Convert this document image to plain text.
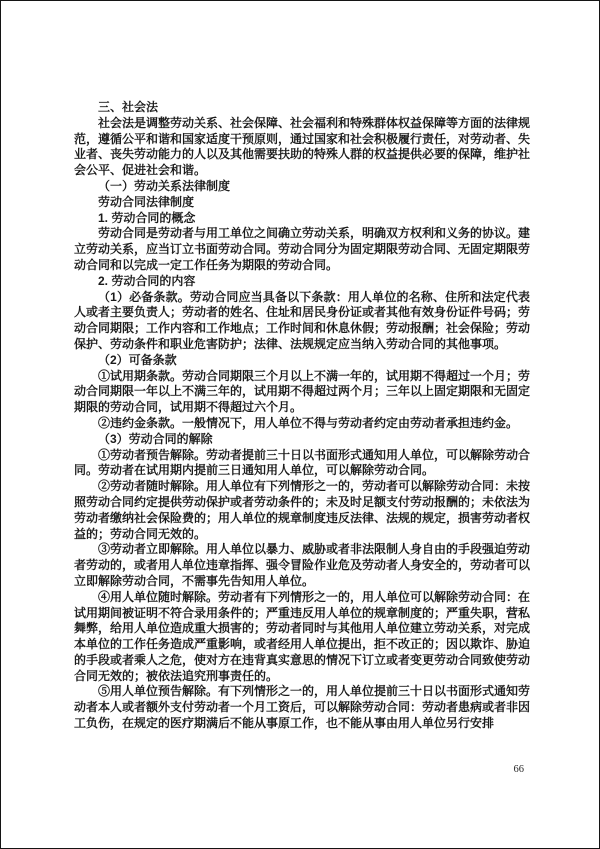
三、社会法

社会法是调整劳动关系、社会保障、社会福利和特殊群体权益保障等方面的法律规范，遵循公平和谐和国家适度干预原则，通过国家和社会积极履行责任，对劳动者、失业者、丧失劳动能力的人以及其他需要扶助的特殊人群的权益提供必要的保障，维护社会公平、促进社会和谐。

（一）劳动关系法律制度

劳动合同法律制度

1. 劳动合同的概念

劳动合同是劳动者与用工单位之间确立劳动关系，明确双方权利和义务的协议。建立劳动关系，应当订立书面劳动合同。劳动合同分为固定期限劳动合同、无固定期限劳动合同和以完成一定工作任务为期限的劳动合同。

2. 劳动合同的内容

（1）必备条款。劳动合同应当具备以下条款：用人单位的名称、住所和法定代表人或者主要负责人；劳动者的姓名、住址和居民身份证或者其他有效身份证件号码；劳动合同期限；工作内容和工作地点；工作时间和休息休假；劳动报酬；社会保险；劳动保护、劳动条件和职业危害防护；法律、法规规定应当纳入劳动合同的其他事项。

（2）可备条款

①试用期条款。劳动合同期限三个月以上不满一年的，试用期不得超过一个月；劳动合同期限一年以上不满三年的，试用期不得超过两个月；三年以上固定期限和无固定期限的劳动合同，试用期不得超过六个月。

②违约金条款。一般情况下，用人单位不得与劳动者约定由劳动者承担违约金。

（3）劳动合同的解除

①劳动者预告解除。劳动者提前三十日以书面形式通知用人单位，可以解除劳动合同。劳动者在试用期内提前三日通知用人单位，可以解除劳动合同。

②劳动者随时解除。用人单位有下列情形之一的，劳动者可以解除劳动合同：未按照劳动合同约定提供劳动保护或者劳动条件的；未及时足额支付劳动报酬的；未依法为劳动者缴纳社会保险费的；用人单位的规章制度违反法律、法规的规定，损害劳动者权益的；劳动合同无效的。

③劳动者立即解除。用人单位以暴力、威胁或者非法限制人身自由的手段强迫劳动者劳动的，或者用人单位违章指挥、强令冒险作业危及劳动者人身安全的，劳动者可以立即解除劳动合同，不需事先告知用人单位。

④用人单位随时解除。劳动者有下列情形之一的，用人单位可以解除劳动合同：在试用期间被证明不符合录用条件的；严重违反用人单位的规章制度的；严重失职，营私舞弊，给用人单位造成重大损害的；劳动者同时与其他用人单位建立劳动关系，对完成本单位的工作任务造成严重影响，或者经用人单位提出，拒不改正的；因以欺诈、胁迫的手段或者乘人之危，使对方在违背真实意思的情况下订立或者变更劳动合同致使劳动合同无效的；被依法追究刑事责任的。

⑤用人单位预告解除。有下列情形之一的，用人单位提前三十日以书面形式通知劳动者本人或者额外支付劳动者一个月工资后，可以解除劳动合同：劳动者患病或者非因工负伤，在规定的医疗期满后不能从事原工作，也不能从事由用人单位另行安排

66
